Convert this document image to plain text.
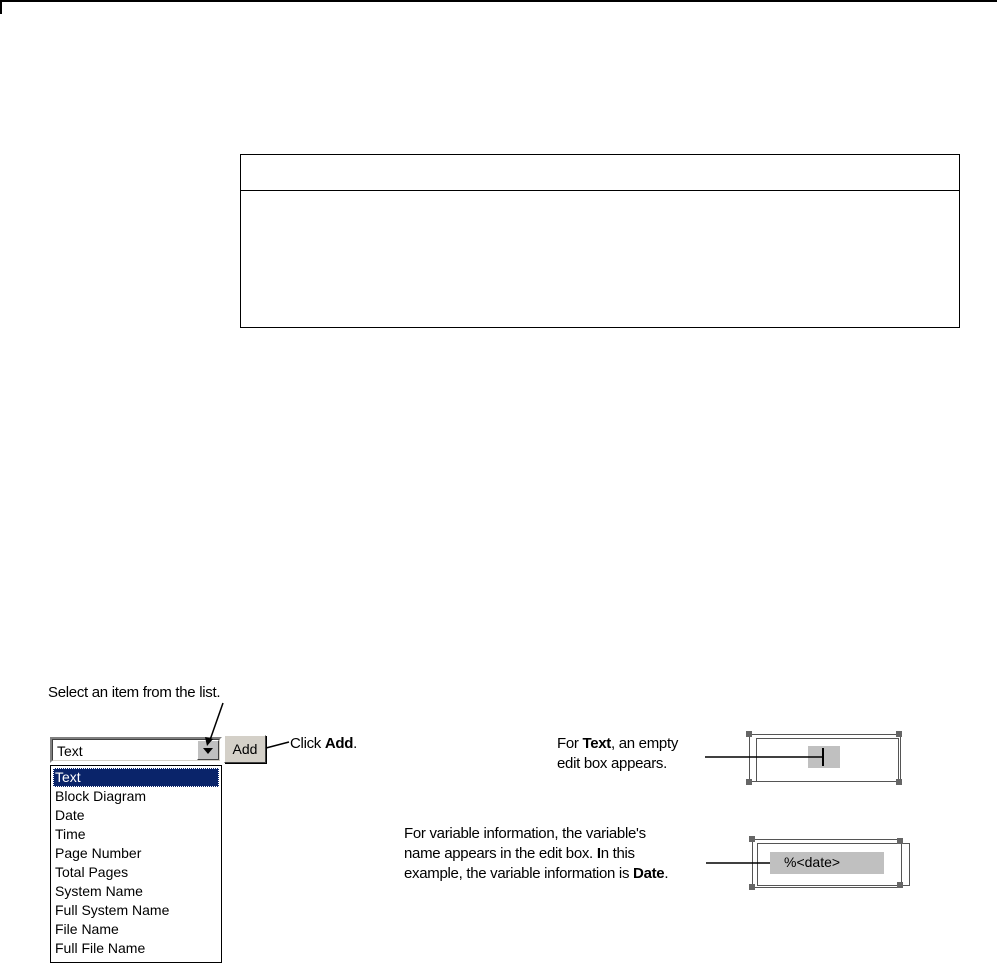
Select an item from the list.
Text	Add	Click Add.
Text
Block Diagram
Date
Time
Page Number
Total Pages
System Name
Full System Name
File Name
Full File Name
For Text, an empty
edit box appears.
For variable information, the variable's
name appears in the edit box. In this
example, the variable information is Date.
%<date>
